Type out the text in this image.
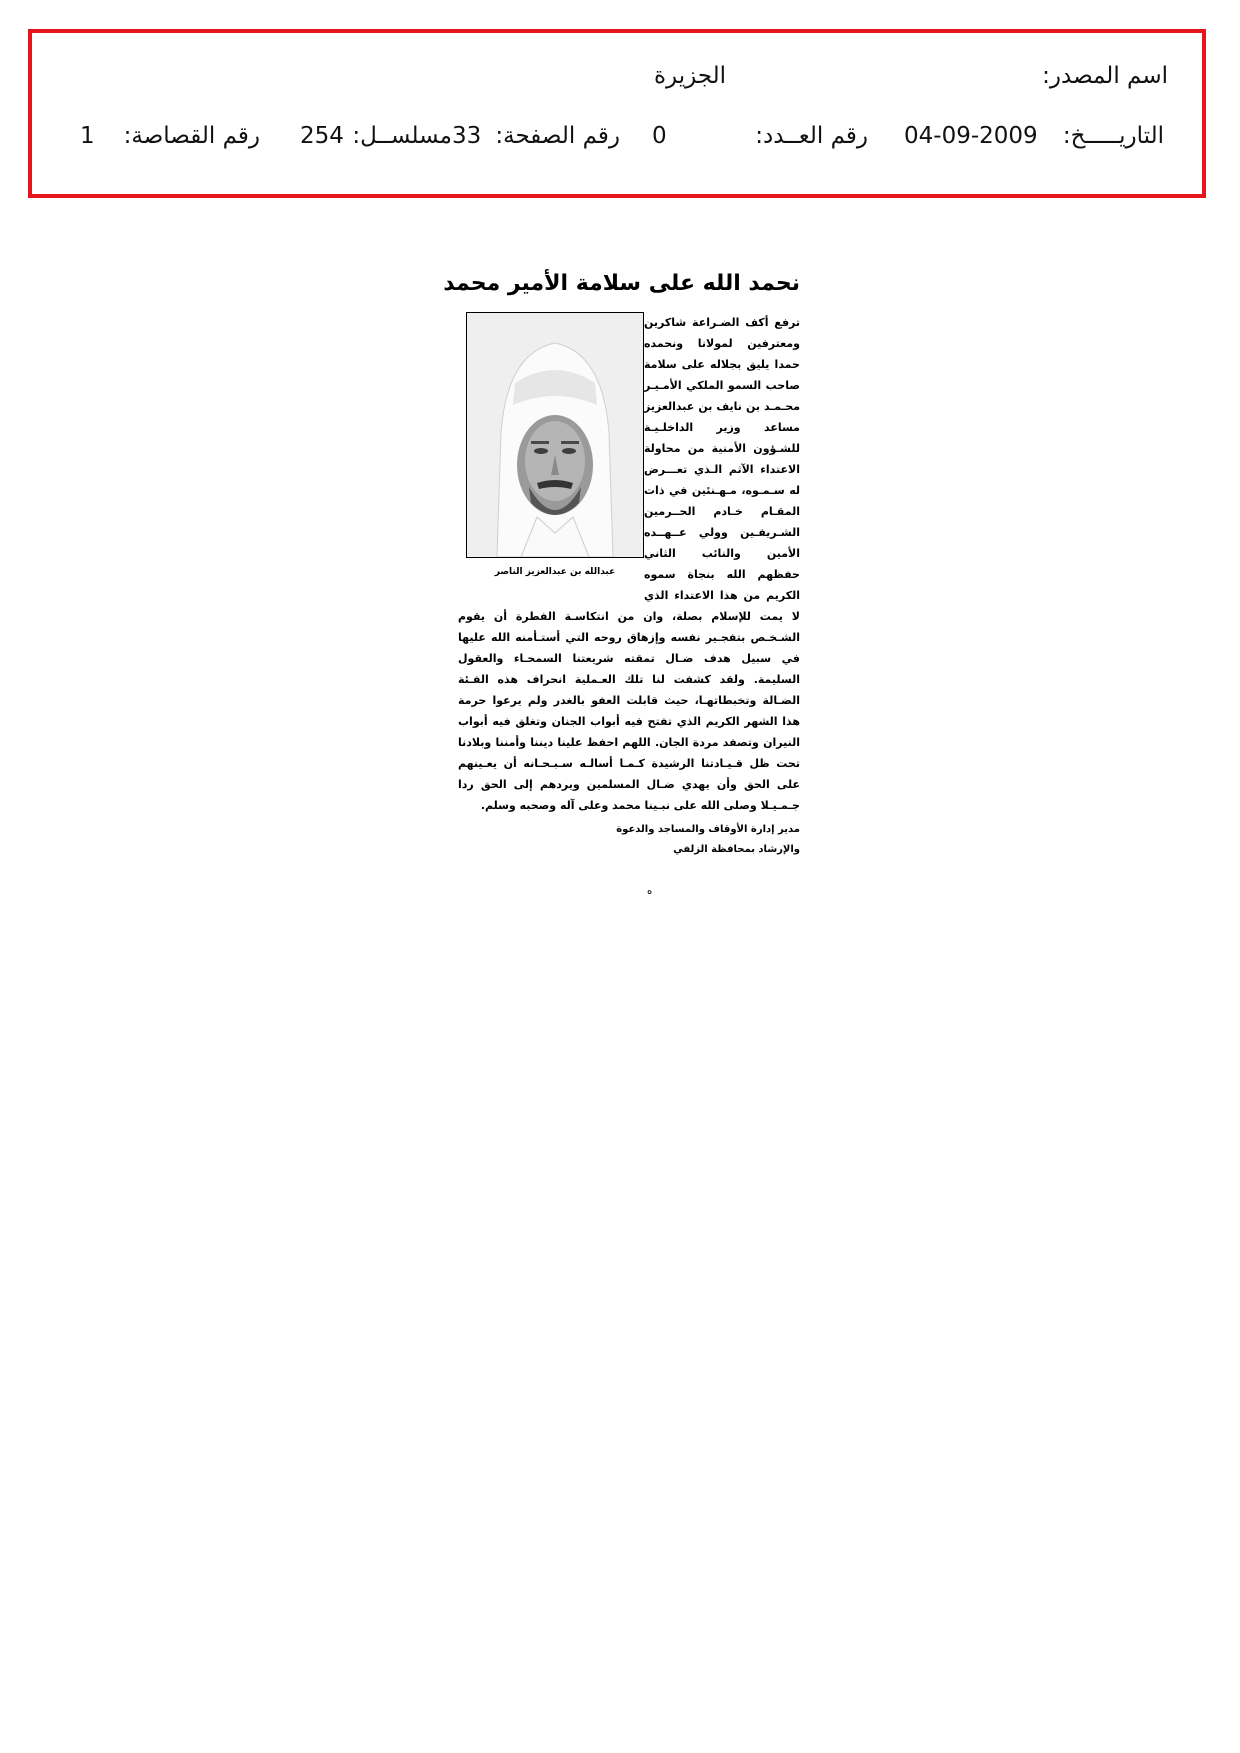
اسم المصدر:
الجزيرة
التاريـــــخ:
04-09-2009
رقم العــدد:
0
رقم الصفحة:
33
مسلســل:
254
رقم القصاصة:
1
نحمد الله على سلامة الأمير محمد
عبدالله بن عبدالعزيز الناصر

ترفع أكف الضـراعة شاكرين ومعترفين لمولانا ونحمده حمدا يليق بجلاله على سلامة صاحب السمو الملكي الأمـيـر محـمـد بن نايف بن عبدالعزيز مساعد وزير الداخلـيـة للشـؤون الأمنية من محاولة الاعتداء الآثم الـذي تعـــرض له سـمـوه، مـهـنئين في ذات المقـام خـادم الحــرمين الشـريفـين وولي عــهــده الأمين والنائب الثاني حفظهم الله بنجاة سموه الكريم من هذا الاعتداء الذي لا يمت للإسلام بصلة، وان من انتكاسـة الفطرة أن يقوم الشـخـص بتفجـير نفسه وإزهاق روحه التي أستـأمنه الله عليها في سبيل هدف ضـال تمقته شريعتنا السمحـاء والعقول السليمة. ولقد كشفت لنا تلك العـملية انحراف هذه الفـئة الضـالة وتخبطاتهـا، حيث قابلت العفو بالغدر ولم يرعوا حرمة هذا الشهر الكريم الذي تفتح فيه أبواب الجنان وتغلق فيه أبواب النيران وتصفد مردة الجان. اللهم احفظ علينا ديننا وأمننا وبلادنا تحت ظل قـيـادتنا الرشيدة كـمـا أسالـه سـبـحـانه أن يعـينهم على الحق وأن يهدي ضـال المسلمين ويردهم إلى الحق ردا جـمـيـلا وصلى الله على نبـينا محمد وعلى آله وصحبه وسلم.

مدير إدارة الأوقاف والمساجد والدعوة
والإرشاد بمحافظة الزلفي
ه
